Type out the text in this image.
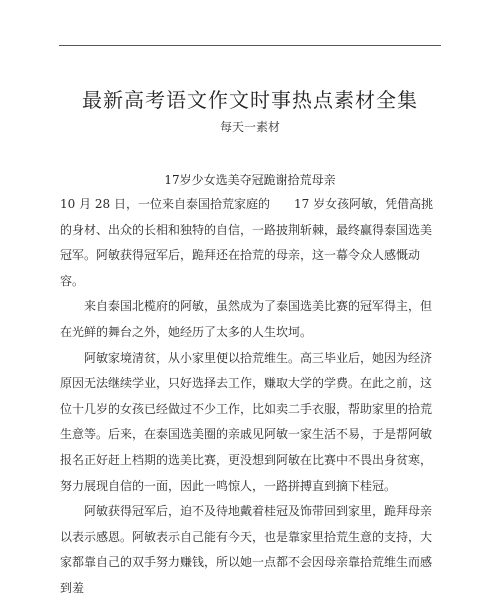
最新高考语文作文时事热点素材全集
每天一素材
17岁少女选美夺冠跪谢拾荒母亲

10 月 28 日，一位来自泰国拾荒家庭的　　17 岁女孩阿敏，凭借高挑的身材、出众的长相和独特的自信，一路披荆斩棘，最终赢得泰国选美冠军。阿敏获得冠军后，跪拜还在拾荒的母亲，这一幕令众人感慨动容。

来自泰国北榄府的阿敏，虽然成为了泰国选美比赛的冠军得主，但在光鲜的舞台之外，她经历了太多的人生坎坷。

阿敏家境清贫，从小家里便以拾荒维生。高三毕业后，她因为经济原因无法继续学业，只好选择去工作，赚取大学的学费。在此之前，这位十几岁的女孩已经做过不少工作，比如卖二手衣服，帮助家里的拾荒生意等。后来，在泰国选美圈的亲戚见阿敏一家生活不易，于是帮阿敏报名正好赶上档期的选美比赛，更没想到阿敏在比赛中不畏出身贫寒，努力展现自信的一面，因此一鸣惊人，一路拼搏直到摘下桂冠。

阿敏获得冠军后，迫不及待地戴着桂冠及饰带回到家里，跪拜母亲以表示感恩。阿敏表示自己能有今天，也是靠家里拾荒生意的支持，大家都靠自己的双手努力赚钱，所以她一点都不会因母亲靠拾荒维生而感到羞
